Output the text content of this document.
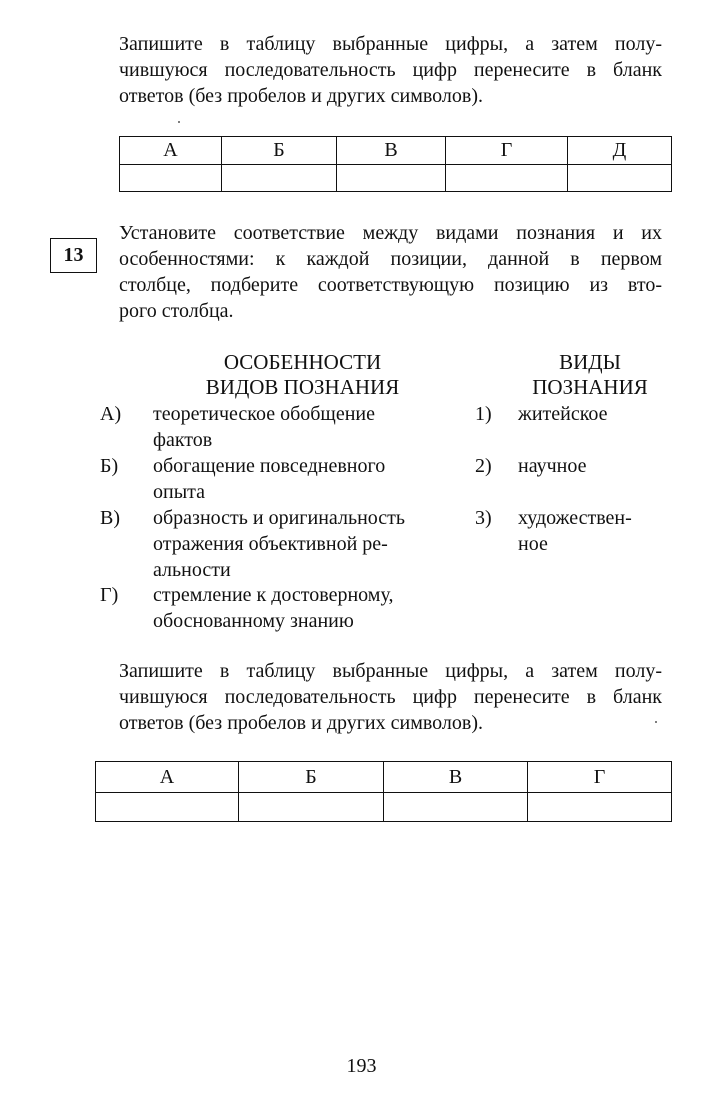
Запишите в таблицу выбранные цифры, а затем полу-
чившуюся последовательность цифр перенесите в бланк
ответов (без пробелов и других символов).
А	Б	В	Г	Д

13
Установите соответствие между видами познания и их
особенностями: к каждой позиции, данной в первом
столбце, подберите соответствующую позицию из вто-
рого столбца.
ОСОБЕННОСТИ
ВИДОВ ПОЗНАНИЯ
ВИДЫ
ПОЗНАНИЯ
А) теоретическое обобщение
фактов
Б) обогащение повседневного
опыта
В) образность и оригинальность
отражения объективной ре-
альности
Г) стремление к достоверному,
обоснованному знанию
1) житейское
2) научное
3) художествен-
ное
Запишите в таблицу выбранные цифры, а затем полу-
чившуюся последовательность цифр перенесите в бланк
ответов (без пробелов и других символов).
А	Б	В	Г

193
